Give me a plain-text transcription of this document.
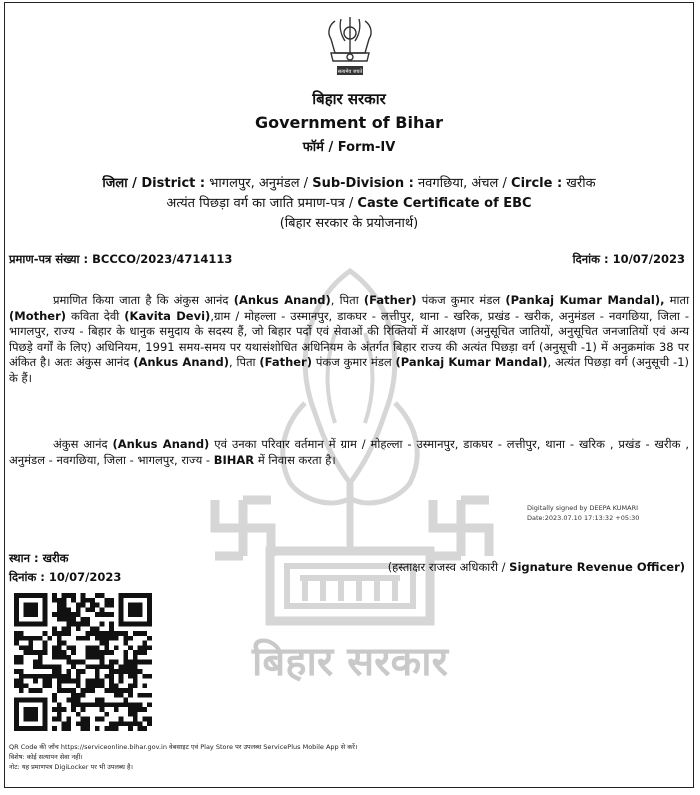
बिहार सरकार
सत्यमेव जयते
बिहार सरकार
Government of Bihar
फॉर्म / Form-IV
जिला / District : भागलपुर, अनुमंडल / Sub-Division : नवगछिया, अंचल / Circle : खरीक
अत्यंत पिछड़ा वर्ग का जाति प्रमाण-पत्र / Caste Certificate of EBC
(बिहार सरकार के प्रयोजनार्थ)
प्रमाण-पत्र संख्या : BCCCO/2023/4714113	दिनांक : 10/07/2023

प्रमाणित किया जाता है कि अंकुस आनंद (Ankus Anand), पिता (Father) पंकज कुमार मंडल (Pankaj Kumar Mandal), माता (Mother) कविता देवी (Kavita Devi),ग्राम / मोहल्ला - उस्मानपुर, डाकघर - लत्तीपुर, थाना - खरिक, प्रखंड - खरीक, अनुमंडल - नवगछिया, जिला - भागलपुर, राज्य - बिहार के धानुक समुदाय के सदस्य हैं, जो बिहार पदों एवं सेवाओं की रिक्तियों में आरक्षण (अनुसूचित जातियों, अनुसूचित जनजातियों एवं अन्य पिछड़े वर्गों के लिए) अधिनियम, 1991 समय-समय पर यथासंशोधित अधिनियम के अंतर्गत बिहार राज्य की अत्यंत पिछड़ा वर्ग (अनुसूची -1) में अनुक्रमांक 38 पर अंकित है। अतः अंकुस आनंद (Ankus Anand), पिता (Father) पंकज कुमार मंडल (Pankaj Kumar Mandal), अत्यंत पिछड़ा वर्ग (अनुसूची -1) के हैं।

अंकुस आनंद (Ankus Anand) एवं उनका परिवार वर्तमान में ग्राम / मोहल्ला - उस्मानपुर, डाकघर - लत्तीपुर, थाना - खरिक , प्रखंड - खरीक , अनुमंडल - नवगछिया, जिला - भागलपुर, राज्य - BIHAR में निवास करता है।

Digitally signed by DEEPA KUMARI
Date:2023.07.10 17:13:32 +05:30
स्थान : खरीक
दिनांक : 10/07/2023
(हस्ताक्षर राजस्व अधिकारी / Signature Revenue Officer)
QR Code की जाँच https://serviceonline.bihar.gov.in वेबसाइट एवं Play Store पर उपलब्ध ServicePlus Mobile App से करें।
विशेष: कोई सत्यापन सेवा नहीं।
नोट: यह प्रमाणपत्र DigiLocker पर भी उपलब्ध है।
